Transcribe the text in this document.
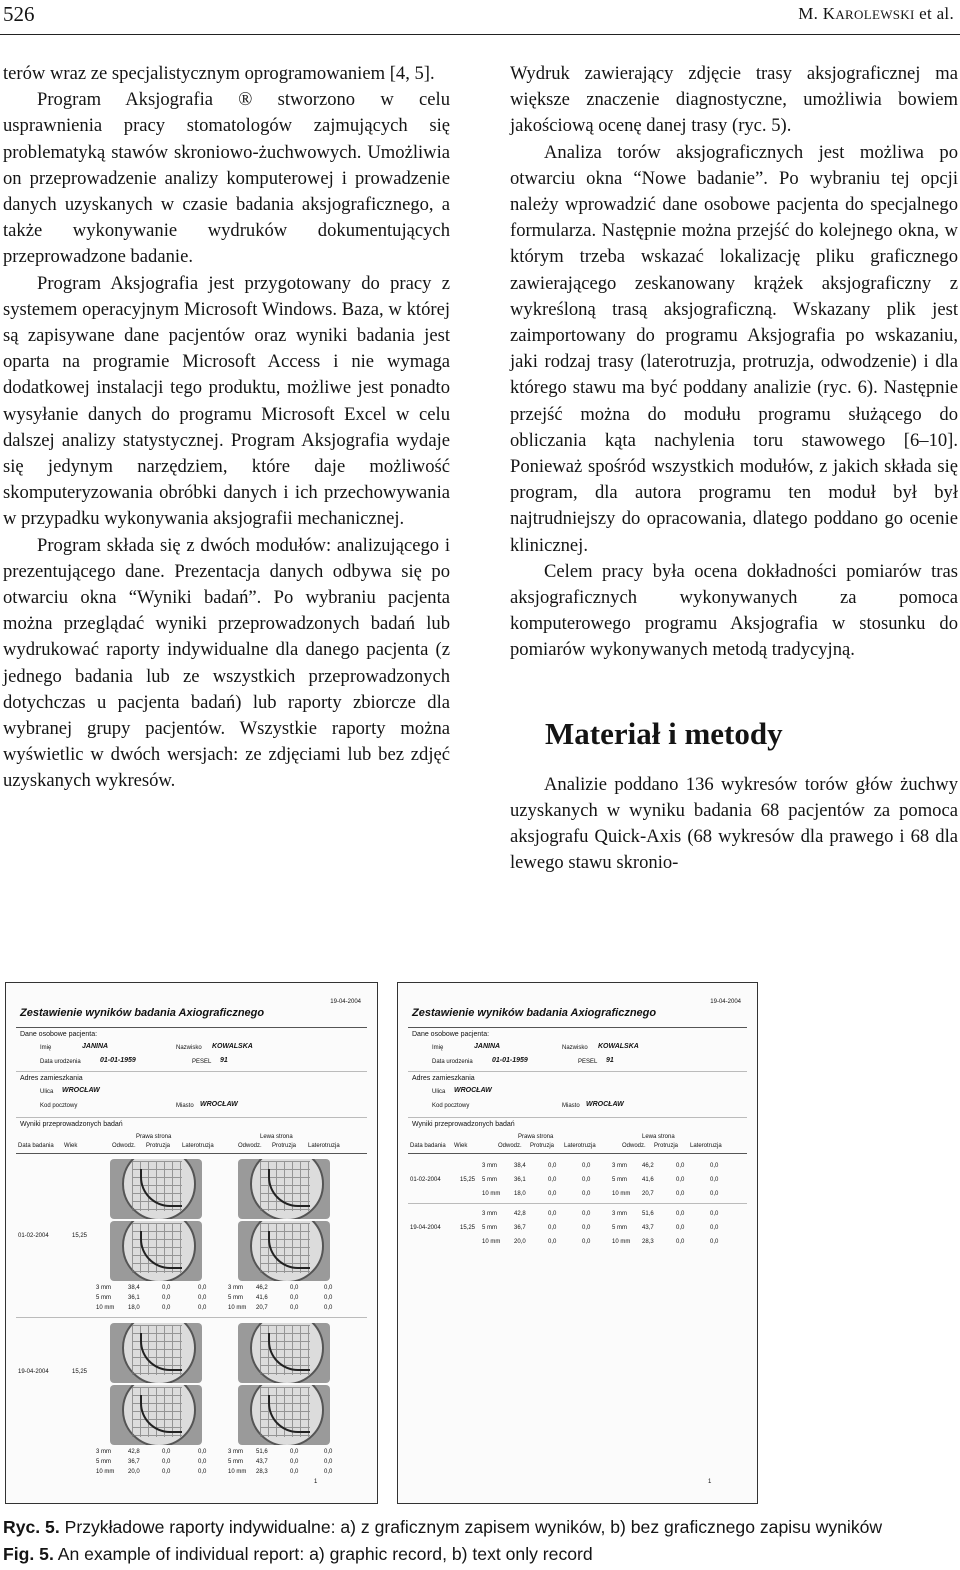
526	M. KAROLEWSKI et al.

terów wraz ze specjalistycznym oprogramowaniem [4, 5].

Program Aksjografia ® stworzono w celu usprawnienia pracy stomatologów zajmujących się problematyką stawów skroniowo-żuchwowych. Umożliwia on przeprowadzenie analizy komputerowej i prowadzenie danych uzyskanych w czasie badania aksjograficznego, a także wykonywanie wydruków dokumentujących przeprowadzone badanie.

Program Aksjografia jest przygotowany do pracy z systemem operacyjnym Microsoft Windows. Baza, w której są zapisywane dane pacjentów oraz wyniki badania jest oparta na programie Microsoft Access i nie wymaga dodatkowej instalacji tego produktu, możliwe jest ponadto wysyłanie danych do programu Microsoft Excel w celu dalszej analizy statystycznej. Program Aksjografia wydaje się jedynym narzędziem, które daje możliwość skomputeryzowania obróbki danych i ich przechowywania w przypadku wykonywania aksjografii mechanicznej.

Program składa się z dwóch modułów: analizującego i prezentującego dane. Prezentacja danych odbywa się po otwarciu okna “Wyniki badań”. Po wybraniu pacjenta można przeglądać wyniki przeprowadzonych badań lub wydrukować raporty indywidualne dla danego pacjenta (z jednego badania lub ze wszystkich przeprowadzonych dotychczas u pacjenta badań) lub raporty zbiorcze dla wybranej grupy pacjentów. Wszystkie raporty można wyświetlic w dwóch wersjach: ze zdjęciami lub bez zdjęć uzyskanych wykresów.

Wydruk zawierający zdjęcie trasy aksjograficznej ma większe znaczenie diagnostyczne, umożliwia bowiem jakościową ocenę danej trasy (ryc. 5).

Analiza torów aksjograficznych jest możliwa po otwarciu okna “Nowe badanie”. Po wybraniu tej opcji należy wprowadzić dane osobowe pacjenta do specjalnego formularza. Następnie można przejść do kolejnego okna, w którym trzeba wskazać lokalizację pliku graficznego zawierającego zeskanowany krążek aksjograficzny z wykreśloną trasą aksjograficzną. Wskazany plik jest zaimportowany do programu Aksjografia po wskazaniu, jaki rodzaj trasy (laterotruzja, protruzja, odwodzenie) i dla którego stawu ma być poddany analizie (ryc. 6). Następnie przejść można do modułu programu służącego do obliczania kąta nachylenia toru stawowego [6–10]. Ponieważ spośród wszystkich modułów, z jakich składa się program, dla autora programu ten moduł był był najtrudniejszy do opracowania, dlatego poddano go ocenie klinicznej.

Celem pracy była ocena dokładności pomiarów tras aksjograficznych wykonywanych za pomoca komputerowego programu Aksjografia w stosunku do pomiarów wykonywanych metodą tradycyjną.

Materiał i metody

Analizie poddano 136 wykresów torów głów żuchwy uzyskanych w wyniku badania 68 pacjentów za pomoca aksjografu Quick-Axis (68 wykresów dla prawego i 68 dla lewego stawu skronio-

19-04-2004
Zestawienie wyników badania Axiograficznego
Dane osobowe pacjenta:
Imię	JANINA	Nazwisko KOWALSKA
Data urodzenia	01-01-1959	PESEL 91
Adres zamieszkania
Ulica WROCŁAW
Kod pocztowy	Miasto WROCŁAW
Wyniki przeprowadzonych badań
Prawa strona	Lewa strona
Data badania Wiek	Odwodz. Protruzja Laterotruzja	Odwodz. Protruzja Laterotruzja
01-02-2004	15,25
3 mm	38,4	0,0	0,0	3 mm 46,2	0,0	0,0
5 mm	36,1	0,0	0,0	5 mm 41,6	0,0	0,0
10 mm 18,0	0,0	0,0	10 mm 20,7	0,0	0,0
19-04-2004	15,25
3 mm	42,8	0,0	0,0	3 mm 51,6	0,0	0,0
5 mm	36,7	0,0	0,0	5 mm 43,7	0,0	0,0
10 mm 20,0	0,0	0,0	10 mm 28,3	0,0	0,0
1
19-04-2004
Zestawienie wyników badania Axiograficznego
Dane osobowe pacjenta:
Imię	JANINA	Nazwisko KOWALSKA
Data urodzenia	01-01-1959	PESEL 91
Adres zamieszkania
Ulica WROCŁAW
Kod pocztowy	Miasto WROCŁAW
Wyniki przeprowadzonych badań
Prawa strona	Lewa strona
Data badania Wiek	Odwodz. Protruzja Laterotruzja	Odwodz. Protruzja Laterotruzja
01-02-2004	15,25
3 mm	38,4	0,0	0,0	3 mm	46,2	0,0	0,0
5 mm	36,1	0,0	0,0	5 mm	41,6	0,0	0,0
10 mm 18,0	0,0	0,0	10 mm 20,7	0,0	0,0
19-04-2004	15,25
3 mm	42,8	0,0	0,0	3 mm	51,6	0,0	0,0
5 mm	36,7	0,0	0,0	5 mm	43,7	0,0	0,0
10 mm 20,0	0,0	0,0	10 mm 28,3	0,0	0,0
1
Ryc. 5. Przykładowe raporty indywidualne: a) z graficznym zapisem wyników, b) bez graficznego zapisu wyników
Fig. 5. An example of individual report: a) graphic record, b) text only record
